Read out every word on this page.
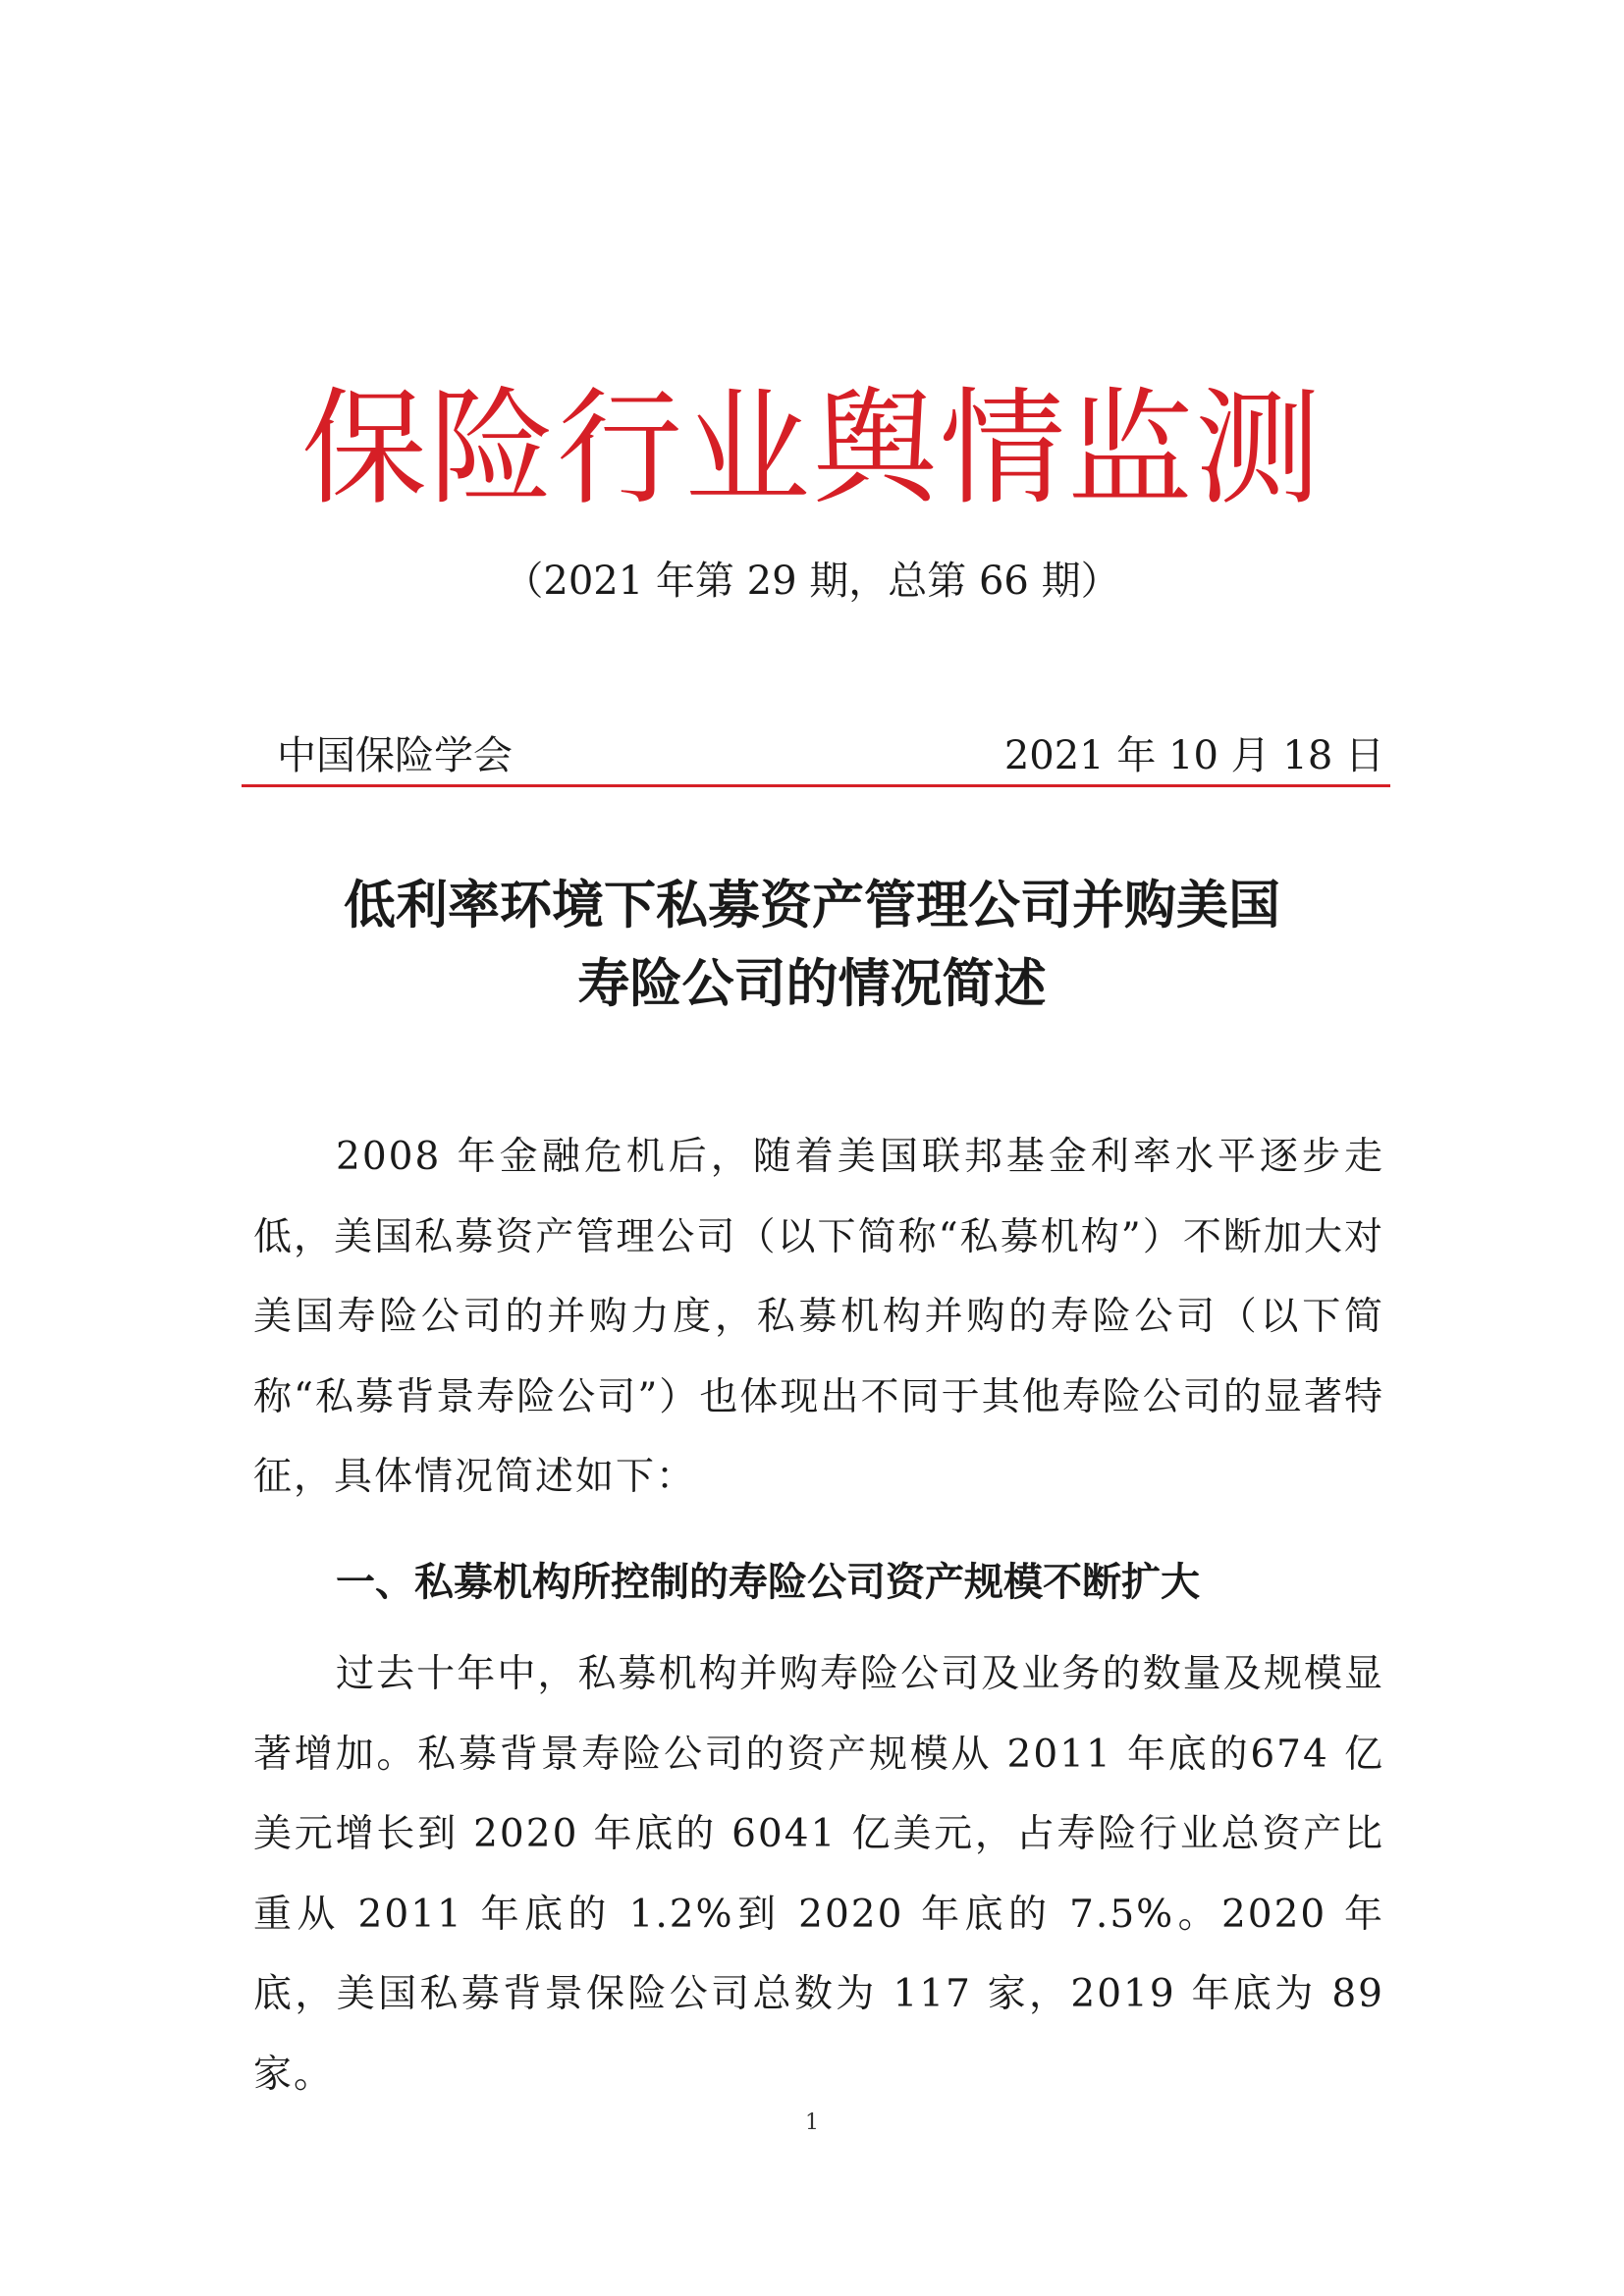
保险行业舆情监测
（2021 年第 29 期，总第 66 期）
中国保险学会	2021 年 10 月 18 日
低利率环境下私募资产管理公司并购美国
寿险公司的情况简述

2008 年金融危机后，随着美国联邦基金利率水平逐步走低，美国私募资产管理公司（以下简称“私募机构”）不断加大对美国寿险公司的并购力度，私募机构并购的寿险公司（以下简称“私募背景寿险公司”）也体现出不同于其他寿险公司的显著特征，具体情况简述如下：

一、私募机构所控制的寿险公司资产规模不断扩大

过去十年中，私募机构并购寿险公司及业务的数量及规模显著增加。私募背景寿险公司的资产规模从 2011 年底的674 亿美元增长到 2020 年底的 6041 亿美元，占寿险行业总资产比重从 2011 年底的 1.2%到 2020 年底的 7.5%。2020 年底，美国私募背景保险公司总数为 117 家，2019 年底为 89 家。

1
